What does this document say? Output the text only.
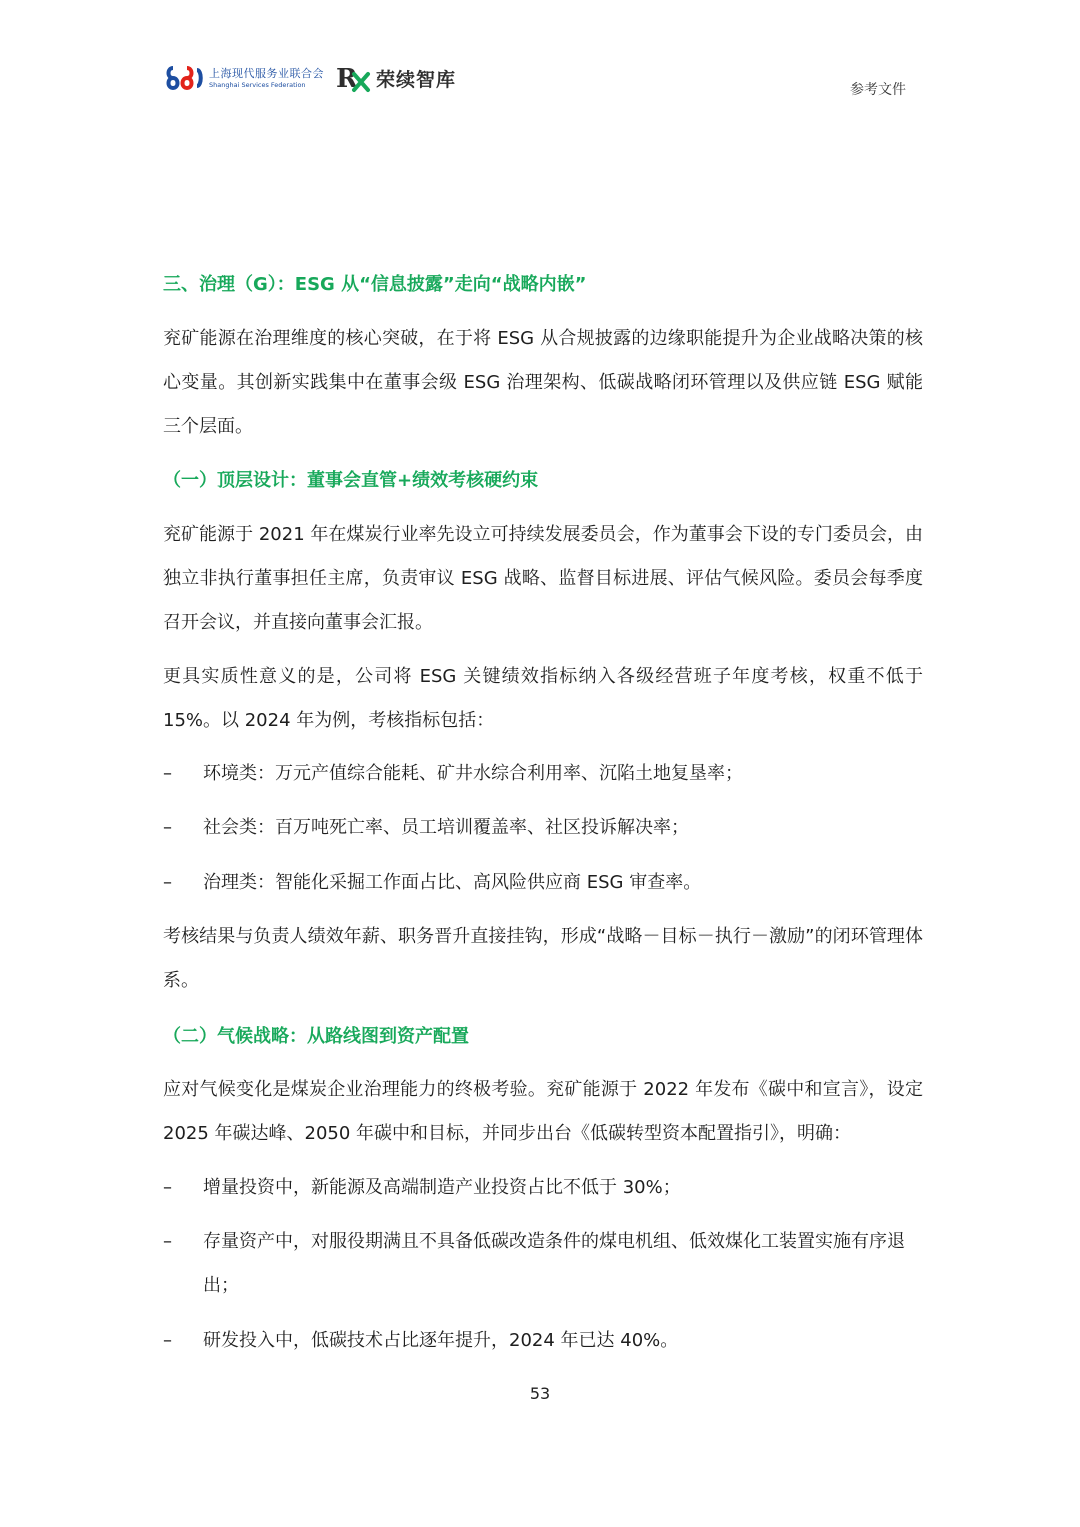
上海现代服务业联合会
Shanghai Services Federation	R 荣续智库	参考文件
三、治理（G）：ESG 从“信息披露”走向“战略内嵌”

兖矿能源在治理维度的核心突破，在于将 ESG 从合规披露的边缘职能提升为企业战略决策的核心变量。其创新实践集中在董事会级 ESG 治理架构、低碳战略闭环管理以及供应链 ESG 赋能三个层面。

（一）顶层设计：董事会直管+绩效考核硬约束

兖矿能源于 2021 年在煤炭行业率先设立可持续发展委员会，作为董事会下设的专门委员会，由独立非执行董事担任主席，负责审议 ESG 战略、监督目标进展、评估气候风险。委员会每季度召开会议，并直接向董事会汇报。

更具实质性意义的是，公司将 ESG 关键绩效指标纳入各级经营班子年度考核，权重不低于 15%。以 2024 年为例，考核指标包括：

– 环境类：万元产值综合能耗、矿井水综合利用率、沉陷土地复垦率；
– 社会类：百万吨死亡率、员工培训覆盖率、社区投诉解决率；
– 治理类：智能化采掘工作面占比、高风险供应商 ESG 审查率。

考核结果与负责人绩效年薪、职务晋升直接挂钩，形成“战略－目标－执行－激励”的闭环管理体系。

（二）气候战略：从路线图到资产配置

应对气候变化是煤炭企业治理能力的终极考验。兖矿能源于 2022 年发布《碳中和宣言》，设定 2025 年碳达峰、2050 年碳中和目标，并同步出台《低碳转型资本配置指引》，明确：

– 增量投资中，新能源及高端制造产业投资占比不低于 30%；
– 存量资产中，对服役期满且不具备低碳改造条件的煤电机组、低效煤化工装置实施有序退出；
– 研发投入中，低碳技术占比逐年提升，2024 年已达 40%。
53
